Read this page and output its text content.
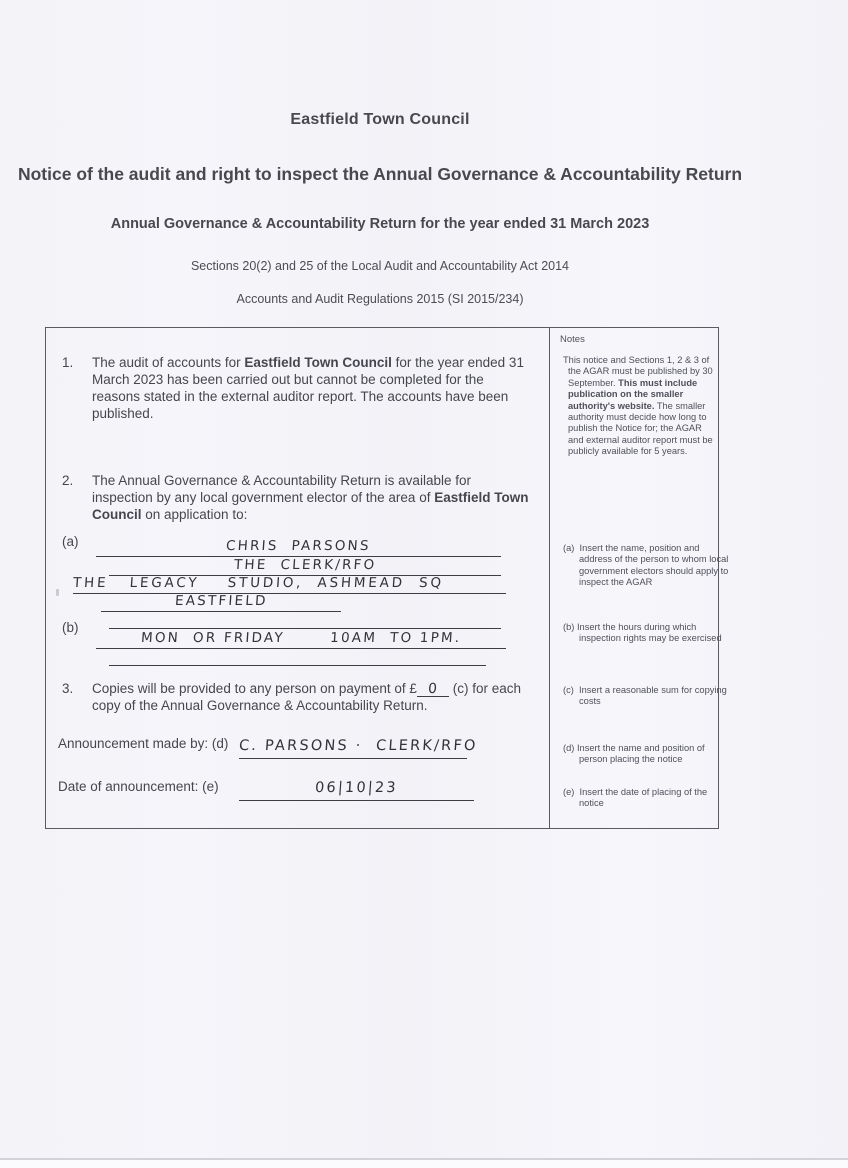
Eastfield Town Council
Notice of the audit and right to inspect the Annual Governance & Accountability Return
Annual Governance & Accountability Return for the year ended 31 March 2023
Sections 20(2) and 25 of the Local Audit and Accountability Act 2014
Accounts and Audit Regulations 2015 (SI 2015/234)
1.	The audit of accounts for Eastfield Town Council for the year ended 31 March 2023 has been carried out but cannot be completed for the reasons stated in the external auditor report. The accounts have been published.
2.	The Annual Governance & Accountability Return is available for inspection by any local government elector of the area of Eastfield Town Council on application to:
(a)	CHRIS  PARSONS
THE  CLERK/RFO
THE   LEGACY    STUDIO,  ASHMEAD  SQ
EASTFIELD
(b)
MON  OR FRIDAY       10AM  TO 1PM.
3.	Copies will be provided to any person on payment of £ 0 (c) for each copy of the Annual Governance & Accountability Return.
Announcement made by: (d) C. PARSONS ·  CLERK/RFO
Date of announcement: (e)	06|10|23
Notes
This notice and Sections 1, 2 & 3 of the AGAR must be published by 30 September. This must include publication on the smaller authority's website. The smaller authority must decide how long to publish the Notice for; the AGAR and external auditor report must be publicly available for 5 years.
(a) Insert the name, position and address of the person to whom local government electors should apply to inspect the AGAR
(b) Insert the hours during which inspection rights may be exercised
(c) Insert a reasonable sum for copying costs
(d) Insert the name and position of person placing the notice
(e) Insert the date of placing of the notice
